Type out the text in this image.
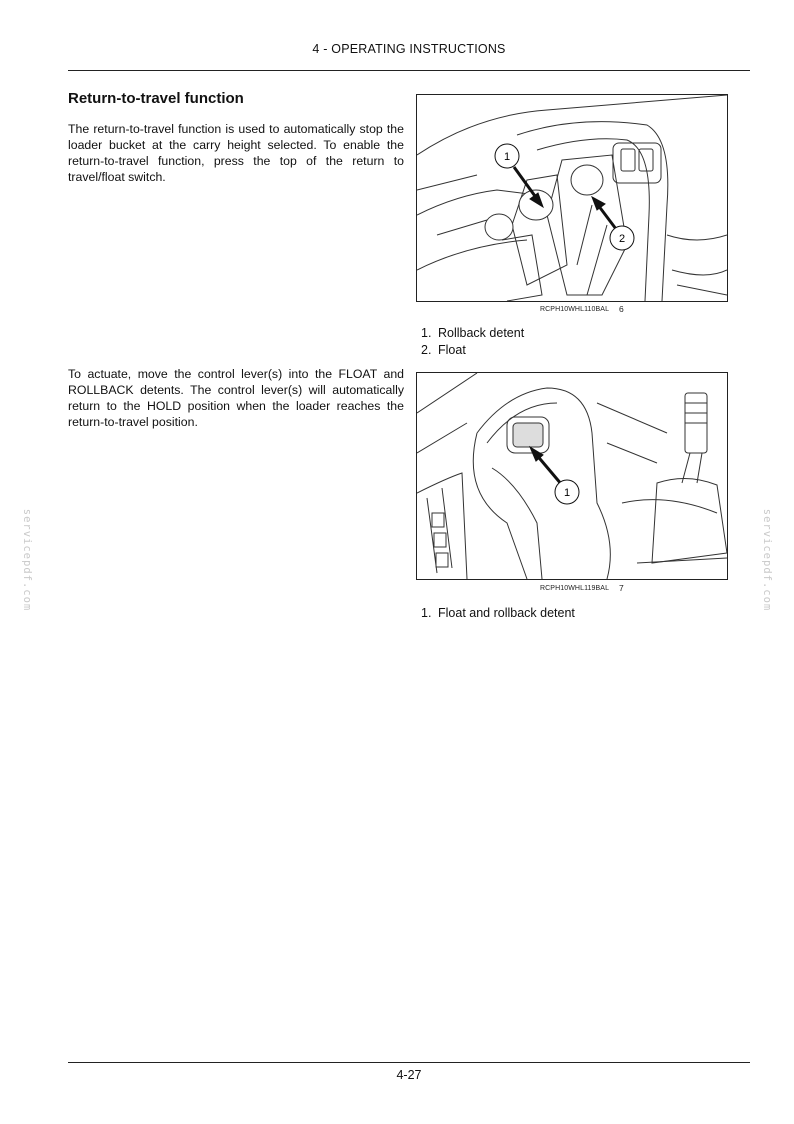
4 - OPERATING INSTRUCTIONS
Return-to-travel function
The return-to-travel function is used to automatically stop the loader bucket at the carry height selected. To enable the return-to-travel function, press the top of the return to travel/float switch.
To actuate, move the control lever(s) into the FLOAT and ROLLBACK detents. The control lever(s) will automatically return to the HOLD position when the loader reaches the return-to-travel position.
1
2
RCPH10WHL110BAL 6
1. Rollback detent
2. Float
1
RCPH10WHL119BAL 7
1. Float and rollback detent
servicepdf.com	servicepdf.com
4-27
